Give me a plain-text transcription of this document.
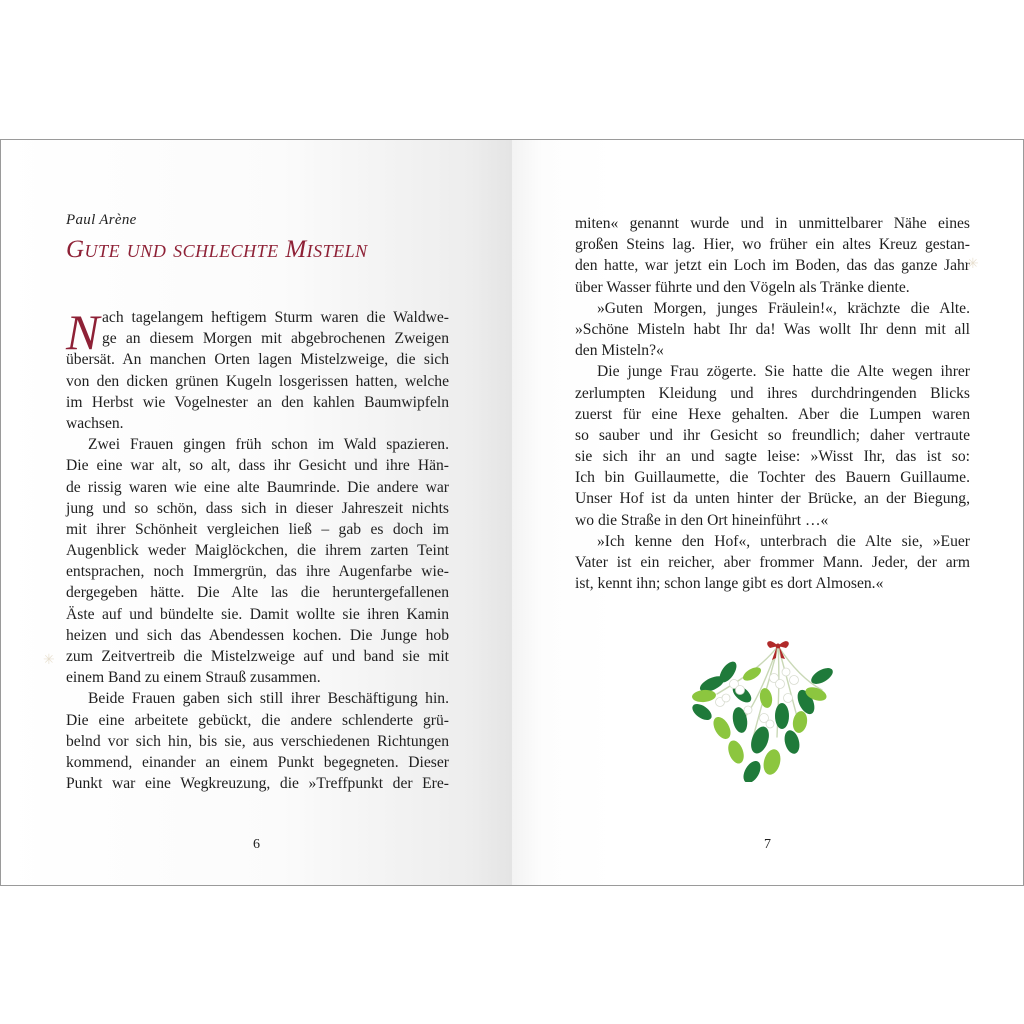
Paul Arène
Gute und schlechte Misteln
N ach tagelangem heftigem Sturm waren die Waldwe-
ge an diesem Morgen mit abgebrochenen Zweigen
übersät. An manchen Orten lagen Mistelzweige, die sich
von den dicken grünen Kugeln losgerissen hatten, welche
im Herbst wie Vogelnester an den kahlen Baumwipfeln
wachsen.
Zwei Frauen gingen früh schon im Wald spazieren.
Die eine war alt, so alt, dass ihr Gesicht und ihre Hän-
de rissig waren wie eine alte Baumrinde. Die andere war
jung und so schön, dass sich in dieser Jahreszeit nichts
mit ihrer Schönheit vergleichen ließ – gab es doch im
Augenblick weder Maiglöckchen, die ihrem zarten Teint
entsprachen, noch Immergrün, das ihre Augenfarbe wie-
dergegeben hätte. Die Alte las die heruntergefallenen
Äste auf und bündelte sie. Damit wollte sie ihren Kamin
heizen und sich das Abendessen kochen. Die Junge hob
zum Zeitvertreib die Mistelzweige auf und band sie mit
einem Band zu einem Strauß zusammen.
Beide Frauen gaben sich still ihrer Beschäftigung hin.
Die eine arbeitete gebückt, die andere schlenderte grü-
belnd vor sich hin, bis sie, aus verschiedenen Richtungen
kommend, einander an einem Punkt begegneten. Dieser
Punkt war eine Wegkreuzung, die »Treffpunkt der Ere-
6
✳
miten« genannt wurde und in unmittelbarer Nähe eines
großen Steins lag. Hier, wo früher ein altes Kreuz gestan-
den hatte, war jetzt ein Loch im Boden, das das ganze Jahr
über Wasser führte und den Vögeln als Tränke diente.
»Guten Morgen, junges Fräulein!«, krächzte die Alte.
»Schöne Misteln habt Ihr da! Was wollt Ihr denn mit all
den Misteln?«
Die junge Frau zögerte. Sie hatte die Alte wegen ihrer
zerlumpten Kleidung und ihres durchdringenden Blicks
zuerst für eine Hexe gehalten. Aber die Lumpen waren
so sauber und ihr Gesicht so freundlich; daher vertraute
sie sich ihr an und sagte leise: »Wisst Ihr, das ist so:
Ich bin Guillaumette, die Tochter des Bauern Guillaume.
Unser Hof ist da unten hinter der Brücke, an der Biegung,
wo die Straße in den Ort hineinführt …«
»Ich kenne den Hof«, unterbrach die Alte sie, »Euer
Vater ist ein reicher, aber frommer Mann. Jeder, der arm
ist, kennt ihn; schon lange gibt es dort Almosen.«
✳
7
